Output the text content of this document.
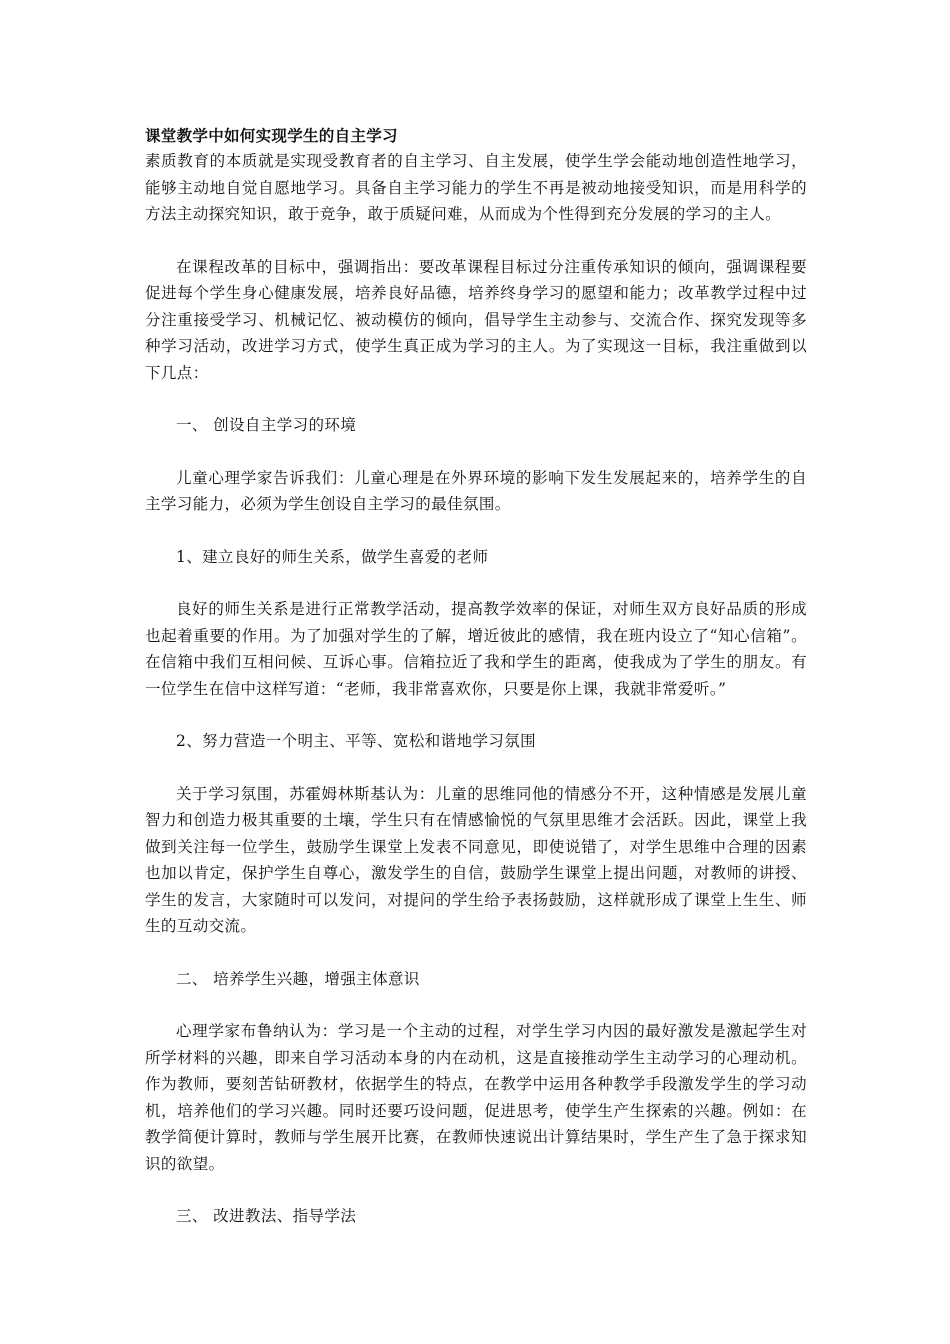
课堂教学中如何实现学生的自主学习

素质教育的本质就是实现受教育者的自主学习、自主发展，使学生学会能动地创造性地学习，能够主动地自觉自愿地学习。具备自主学习能力的学生不再是被动地接受知识，而是用科学的方法主动探究知识，敢于竞争，敢于质疑问难，从而成为个性得到充分发展的学习的主人。

在课程改革的目标中，强调指出：要改革课程目标过分注重传承知识的倾向，强调课程要促进每个学生身心健康发展，培养良好品德，培养终身学习的愿望和能力；改革教学过程中过分注重接受学习、机械记忆、被动模仿的倾向，倡导学生主动参与、交流合作、探究发现等多种学习活动，改进学习方式，使学生真正成为学习的主人。为了实现这一目标，我注重做到以下几点：

一、 创设自主学习的环境

儿童心理学家告诉我们：儿童心理是在外界环境的影响下发生发展起来的，培养学生的自主学习能力，必须为学生创设自主学习的最佳氛围。

1、建立良好的师生关系，做学生喜爱的老师

良好的师生关系是进行正常教学活动，提高教学效率的保证，对师生双方良好品质的形成也起着重要的作用。为了加强对学生的了解，增近彼此的感情，我在班内设立了“知心信箱”。在信箱中我们互相问候、互诉心事。信箱拉近了我和学生的距离，使我成为了学生的朋友。有一位学生在信中这样写道：“老师，我非常喜欢你，只要是你上课，我就非常爱听。”

2、努力营造一个明主、平等、宽松和谐地学习氛围

关于学习氛围，苏霍姆林斯基认为：儿童的思维同他的情感分不开，这种情感是发展儿童智力和创造力极其重要的土壤，学生只有在情感愉悦的气氛里思维才会活跃。因此，课堂上我做到关注每一位学生，鼓励学生课堂上发表不同意见，即使说错了，对学生思维中合理的因素也加以肯定，保护学生自尊心，激发学生的自信，鼓励学生课堂上提出问题，对教师的讲授、学生的发言，大家随时可以发问，对提问的学生给予表扬鼓励，这样就形成了课堂上生生、师生的互动交流。

二、 培养学生兴趣，增强主体意识

心理学家布鲁纳认为：学习是一个主动的过程，对学生学习内因的最好激发是激起学生对所学材料的兴趣，即来自学习活动本身的内在动机，这是直接推动学生主动学习的心理动机。作为教师，要刻苦钻研教材，依据学生的特点，在教学中运用各种教学手段激发学生的学习动机，培养他们的学习兴趣。同时还要巧设问题，促进思考，使学生产生探索的兴趣。例如：在教学简便计算时，教师与学生展开比赛，在教师快速说出计算结果时，学生产生了急于探求知识的欲望。

三、 改进教法、指导学法
